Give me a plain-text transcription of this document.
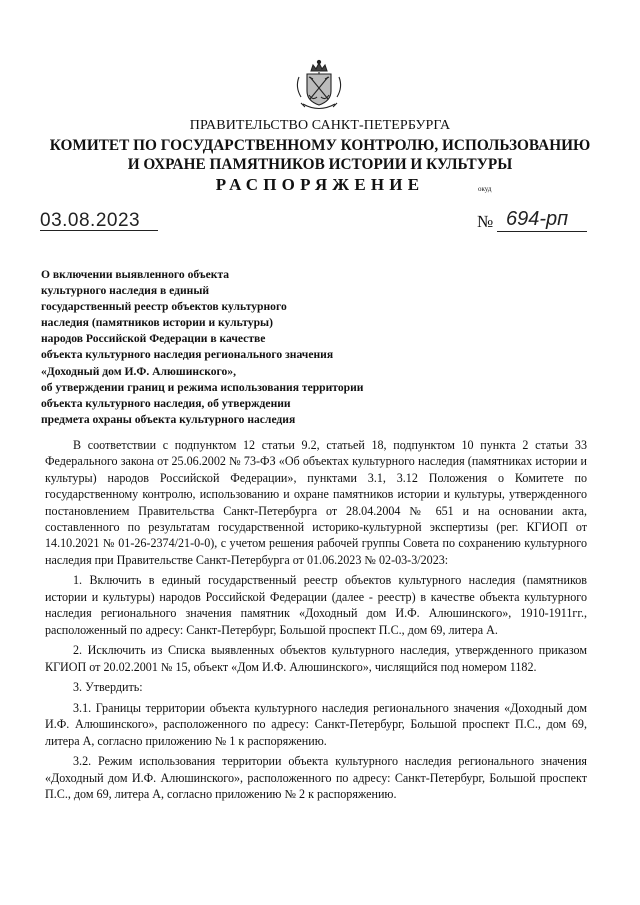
ПРАВИТЕЛЬСТВО САНКТ-ПЕТЕРБУРГА
КОМИТЕТ ПО ГОСУДАРСТВЕННОМУ КОНТРОЛЮ, ИСПОЛЬЗОВАНИЮ
И ОХРАНЕ ПАМЯТНИКОВ ИСТОРИИ И КУЛЬТУРЫ
РАСПОРЯЖЕНИЕ	окуд
03.08.2023	№ 694-рп
О включении выявленного объекта
культурного наследия в единый
государственный реестр объектов культурного
наследия (памятников истории и культуры)
народов Российской Федерации в качестве
объекта культурного наследия регионального значения
«Доходный дом И.Ф. Алюшинского»,
об утверждении границ и режима использования территории
объекта культурного наследия, об утверждении
предмета охраны объекта культурного наследия

В соответствии с подпунктом 12 статьи 9.2, статьей 18, подпунктом 10 пункта 2 статьи 33 Федерального закона от 25.06.2002 № 73-ФЗ «Об объектах культурного наследия (памятниках истории и культуры) народов Российской Федерации», пунктами 3.1, 3.12 Положения о Комитете по государственному контролю, использованию и охране памятников истории и культуры, утвержденного постановлением Правительства Санкт-Петербурга от 28.04.2004 № 651 и на основании акта, составленного по результатам государственной историко-культурной экспертизы (рег. КГИОП от 14.10.2021 № 01-26-2374/21-0-0), с учетом решения рабочей группы Совета по сохранению культурного наследия при Правительстве Санкт-Петербурга от 01.06.2023 № 02-03-3/2023:

1. Включить в единый государственный реестр объектов культурного наследия (памятников истории и культуры) народов Российской Федерации (далее - реестр) в качестве объекта культурного наследия регионального значения памятник «Доходный дом И.Ф. Алюшинского», 1910-1911гг., расположенный по адресу: Санкт-Петербург, Большой проспект П.С., дом 69, литера А.

2. Исключить из Списка выявленных объектов культурного наследия, утвержденного приказом КГИОП от 20.02.2001 № 15, объект «Дом И.Ф. Алюшинского», числящийся под номером 1182.

3. Утвердить:

3.1. Границы территории объекта культурного наследия регионального значения «Доходный дом И.Ф. Алюшинского», расположенного по адресу: Санкт-Петербург, Большой проспект П.С., дом 69, литера А, согласно приложению № 1 к распоряжению.

3.2. Режим использования территории объекта культурного наследия регионального значения «Доходный дом И.Ф. Алюшинского», расположенного по адресу: Санкт-Петербург, Большой проспект П.С., дом 69, литера А, согласно приложению № 2 к распоряжению.
